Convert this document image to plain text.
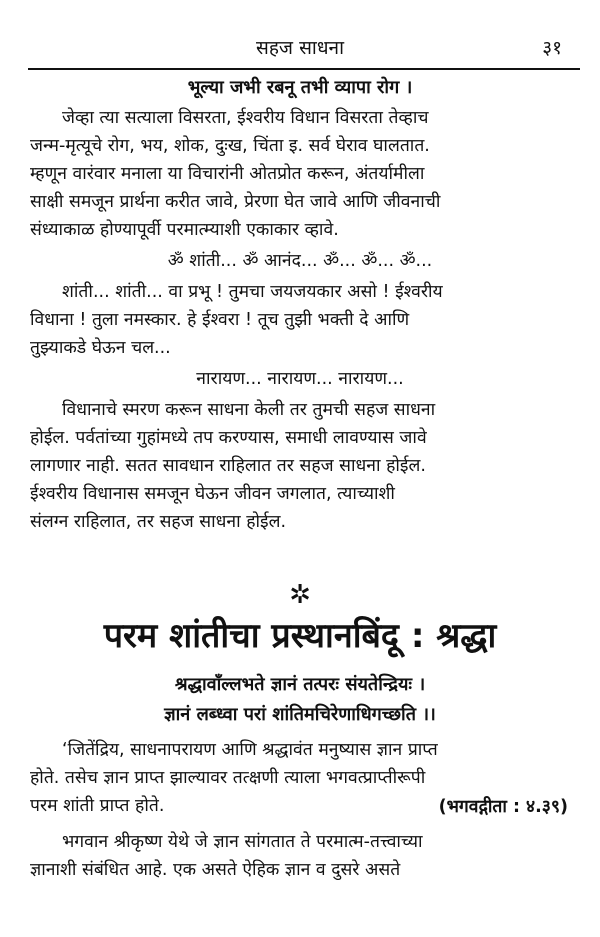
सहज साधना	३१
भूल्या जभी रबनू तभी व्यापा रोग ।
जेव्हा त्या सत्याला विसरता, ईश्वरीय विधान विसरता तेव्हाच
जन्म-मृत्यूचे रोग, भय, शोक, दुःख, चिंता इ. सर्व घेराव घालतात.
म्हणून वारंवार मनाला या विचारांनी ओतप्रोत करून, अंतर्यामीला
साक्षी समजून प्रार्थना करीत जावे, प्रेरणा घेत जावे आणि जीवनाची
संध्याकाळ होण्यापूर्वी परमात्म्याशी एकाकार व्हावे.
ॐ शांती... ॐ आनंद... ॐ... ॐ... ॐ...
शांती... शांती... वा प्रभू ! तुमचा जयजयकार असो ! ईश्वरीय
विधाना ! तुला नमस्कार. हे ईश्वरा ! तूच तुझी भक्ती दे आणि
तुझ्याकडे घेऊन चल...
नारायण... नारायण... नारायण...
विधानाचे स्मरण करून साधना केली तर तुमची सहज साधना
होईल. पर्वतांच्या गुहांमध्ये तप करण्यास, समाधी लावण्यास जावे
लागणार नाही. सतत सावधान राहिलात तर सहज साधना होईल.
ईश्वरीय विधानास समजून घेऊन जीवन जगलात, त्याच्याशी
संलग्न राहिलात, तर सहज साधना होईल.
✲
परम शांतीचा प्रस्थानबिंदू : श्रद्धा
श्रद्धावाँल्लभते ज्ञानं तत्परः संयतेन्द्रियः ।
ज्ञानं लब्ध्वा परां शांतिमचिरेणाधिगच्छति ।।
‘जितेंद्रिय, साधनापरायण आणि श्रद्धावंत मनुष्यास ज्ञान प्राप्त
होते. तसेच ज्ञान प्राप्त झाल्यावर तत्क्षणी त्याला भगवत्प्राप्तीरूपी
परम शांती प्राप्त होते.	(भगवद्गीता : ४.३९)
भगवान श्रीकृष्ण येथे जे ज्ञान सांगतात ते परमात्म-तत्त्वाच्या
ज्ञानाशी संबंधित आहे. एक असते ऐहिक ज्ञान व दुसरे असते
